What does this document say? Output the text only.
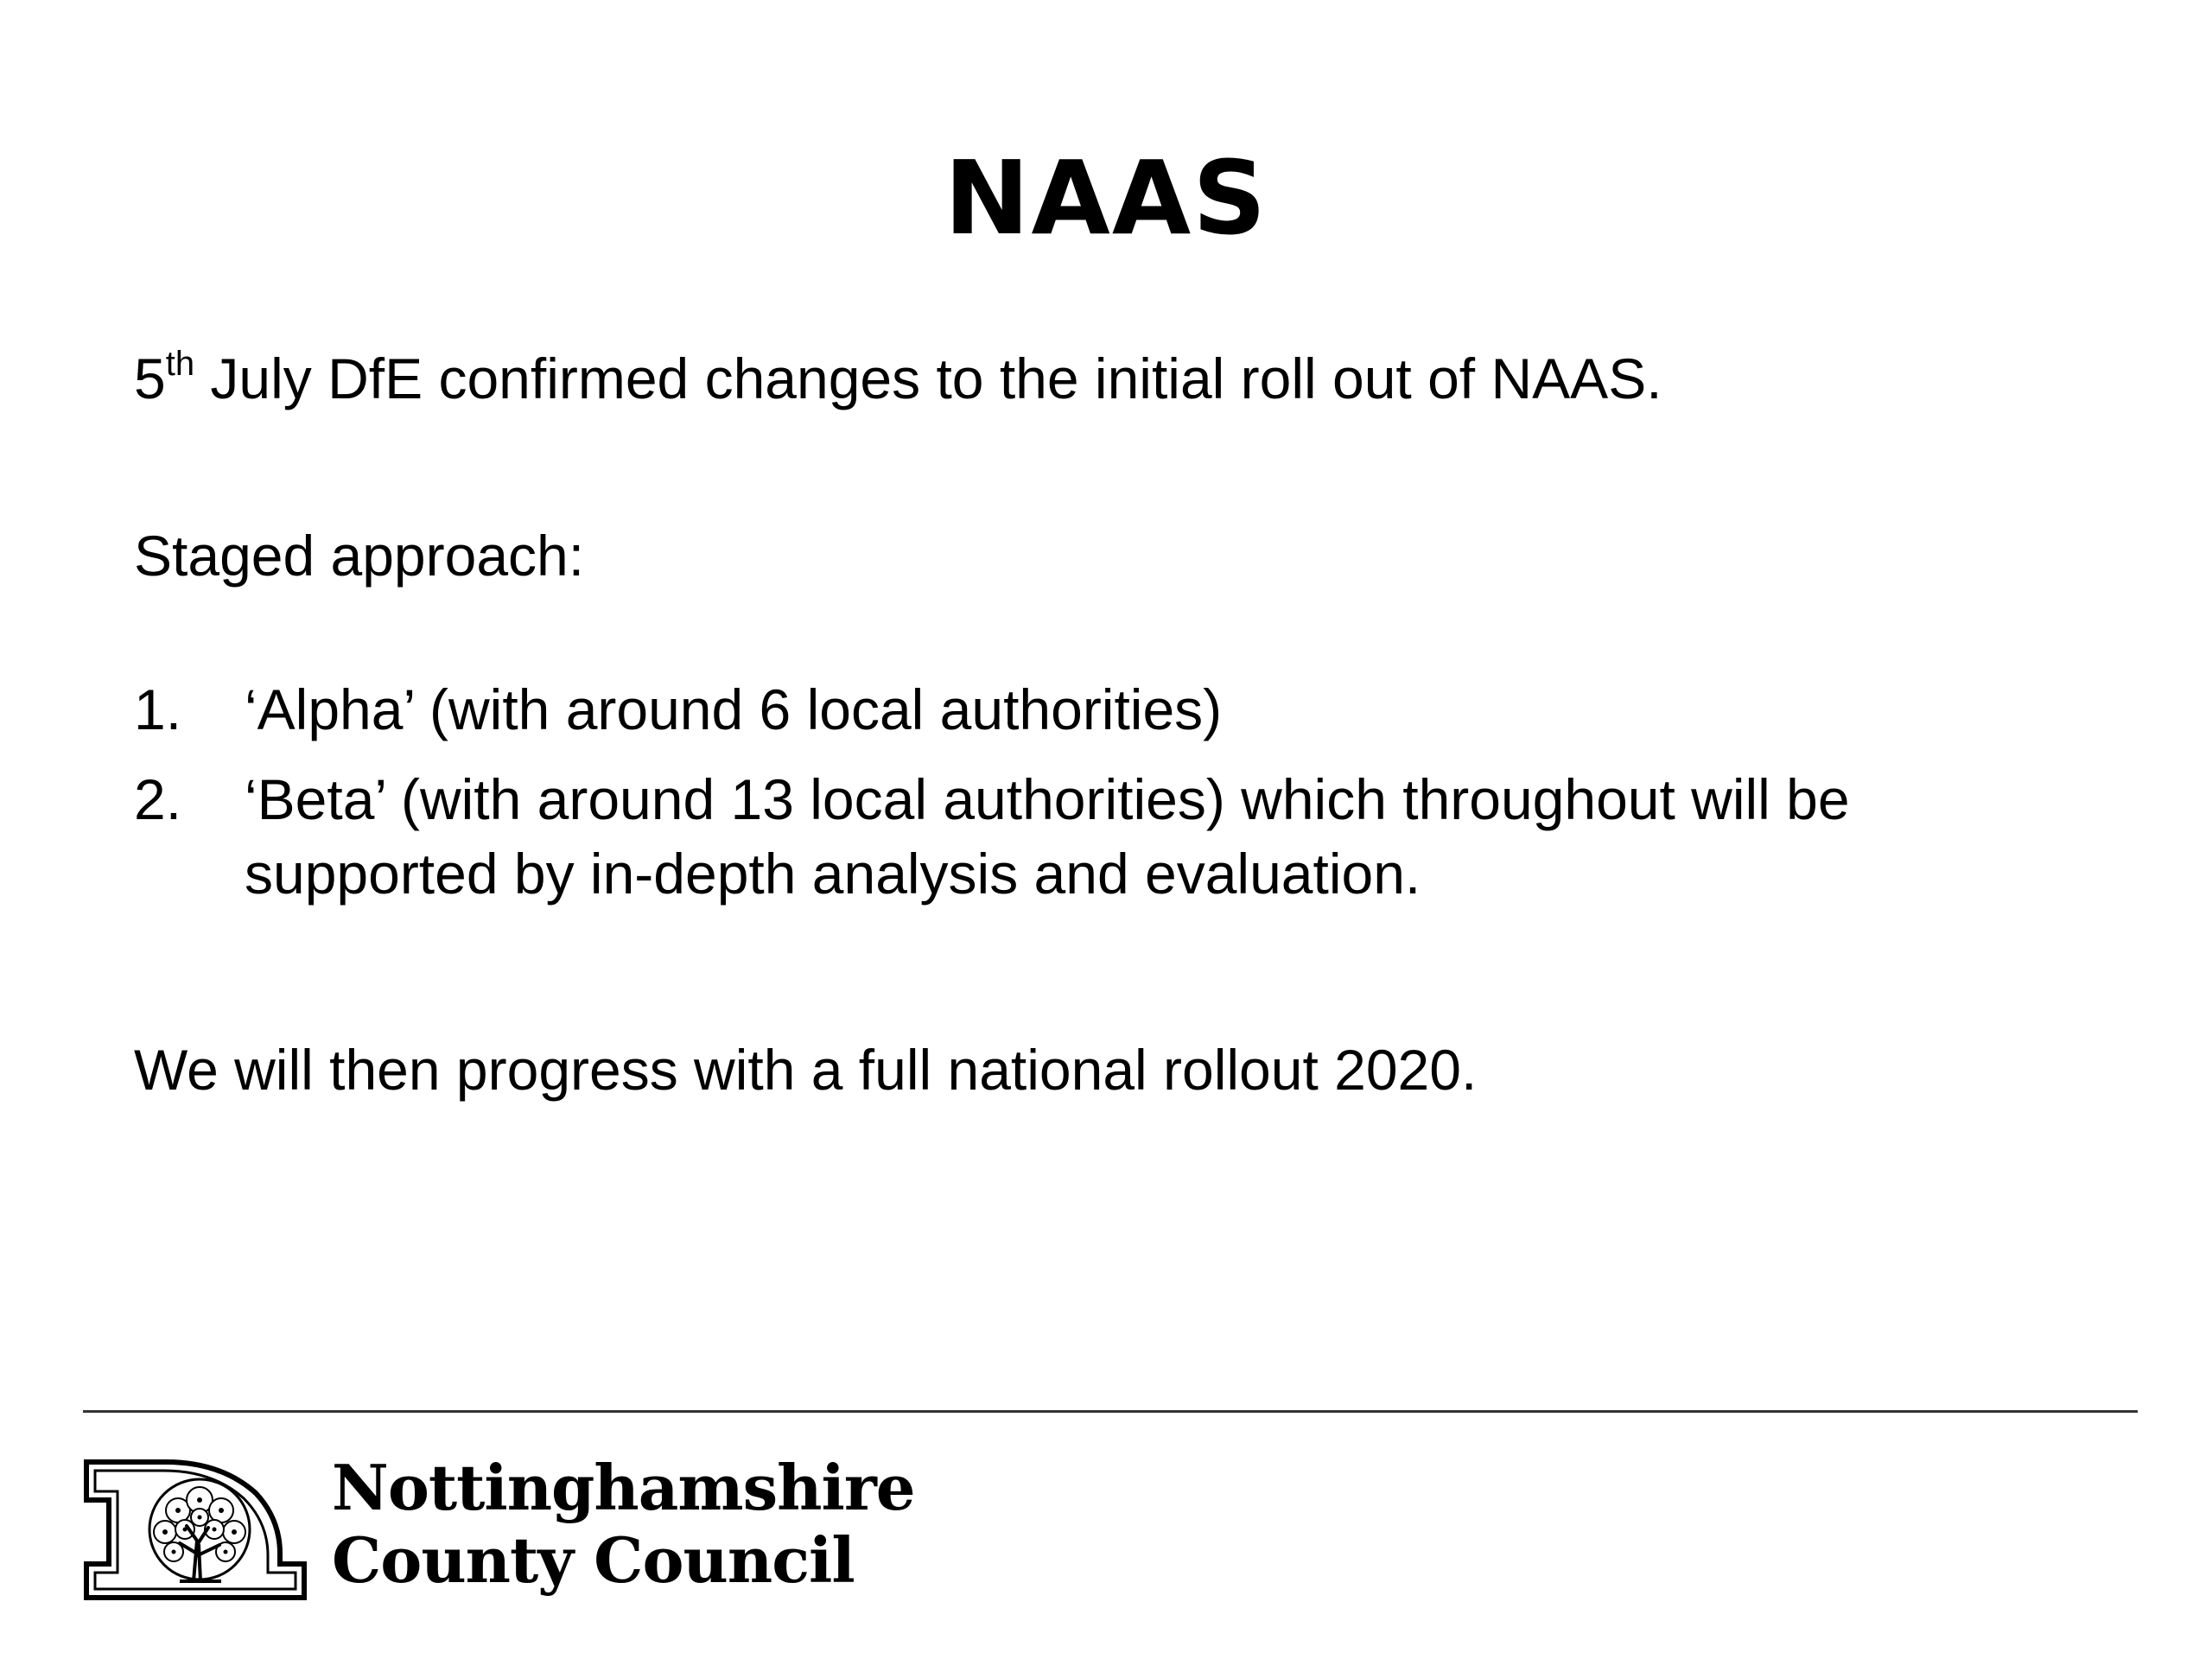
NAAS
5th July DfE confirmed changes to the initial roll out of NAAS.
Staged approach:
1.	‘Alpha’ (with around 6 local authorities)
2.	‘Beta’ (with around 13 local authorities) which throughout will be supported by in-depth analysis and evaluation.
We will then progress with a full national rollout 2020.
Nottinghamshire
County Council
